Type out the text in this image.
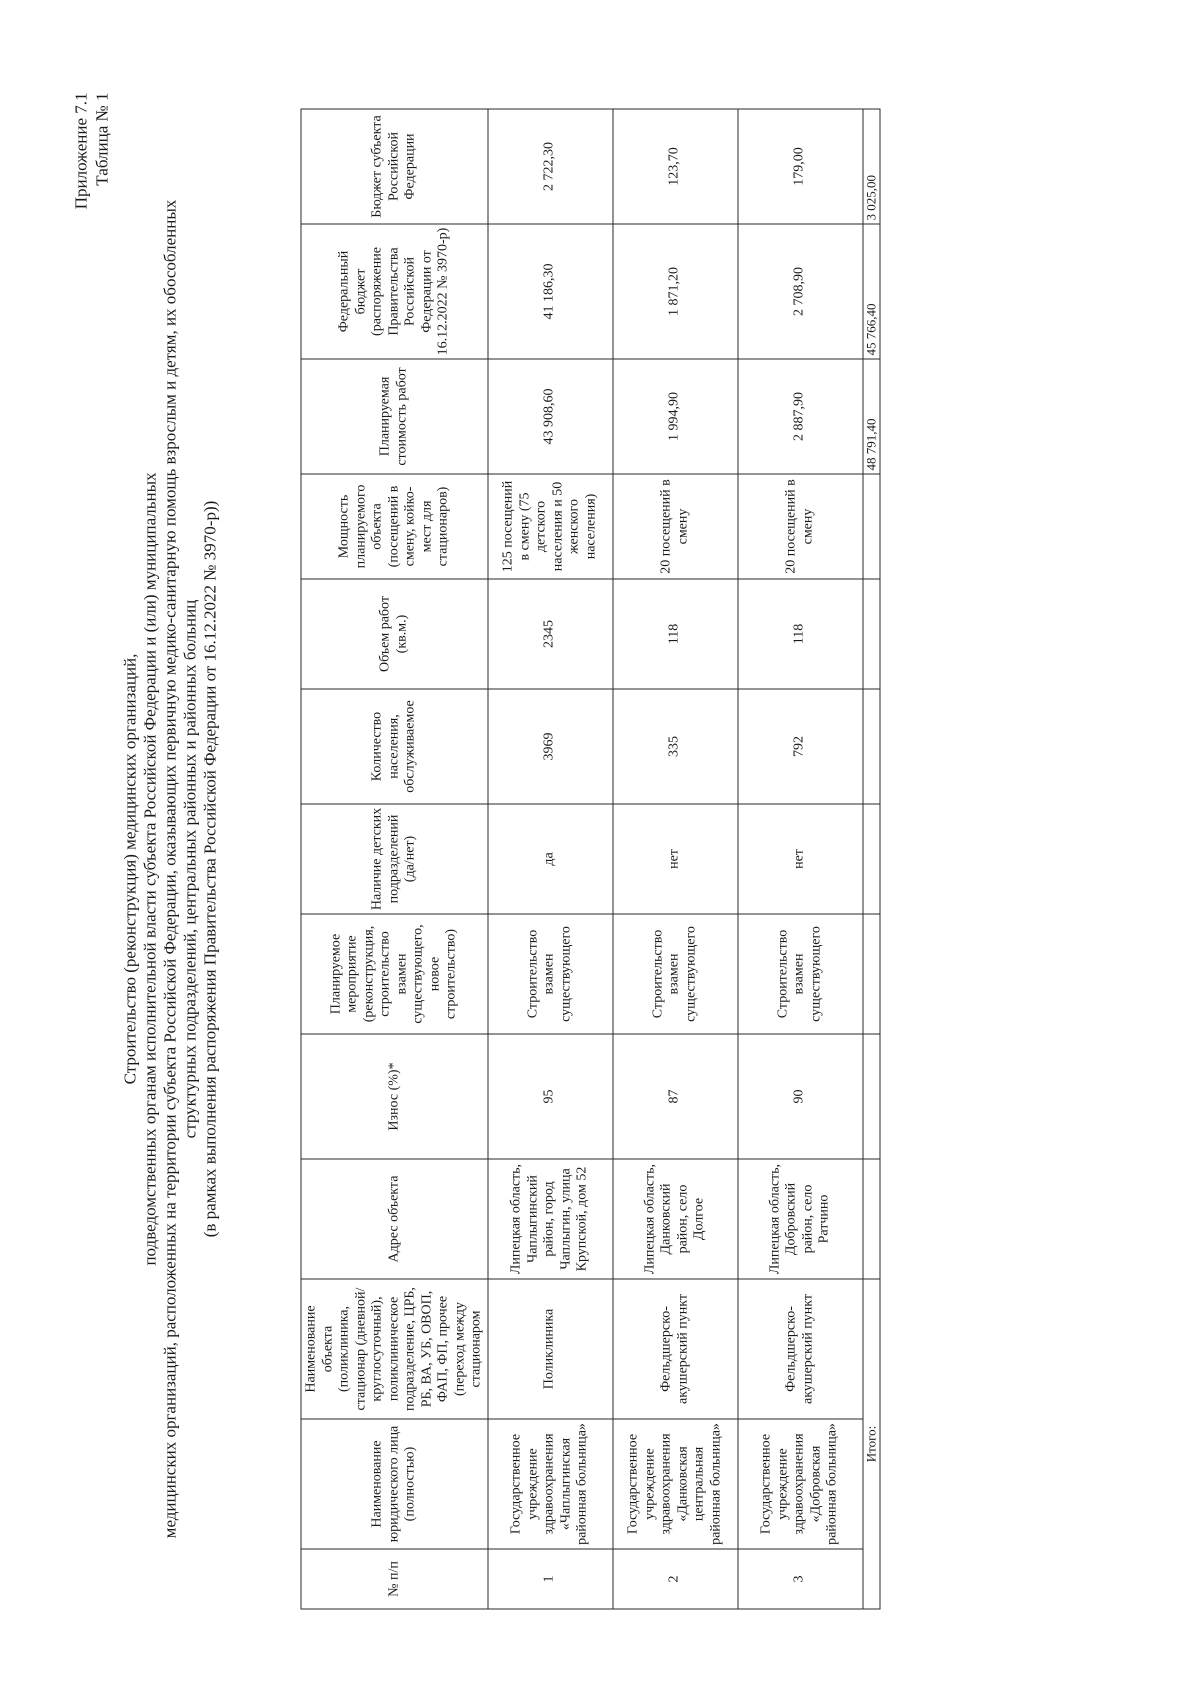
Приложение 7.1 Таблица № 1
Строительство (реконструкция) медицинских организаций, подведомственных органам исполнительной власти субъекта Российской Федерации и (или) муниципальных медицинских организаций, расположенных на территории субъекта Российской Федерации, оказывающих первичную медико-санитарную помощь взрослым и детям, их обособленных структурных подразделений, центральных районных и районных больниц (в рамках выполнения распоряжения Правительства Российской Федерации от 16.12.2022 № 3970-р))
№ п/п	Наименование юридического лица (полностью)	Наименование объекта (поликлиника, стационар (дневной/круглосуточный), поликлиническое подразделение, ЦРБ, РБ, ВА, УБ, ОВОП, ФАП, ФП, прочее (переход между стационаром	Адрес объекта	Износ (%)*	Планируемое мероприятие (реконструкция, строительство взамен существующего, новое строительство)	Наличие детских подразделений (да/нет)	Количество населения, обслуживаемое	Объем работ (кв.м.)	Мощность планируемого объекта (посещений в смену, койко-мест для стационаров)	Планируемая стоимость работ	Федеральный бюджет (распоряжение Правительства Российской Федерации от 16.12.2022 № 3970-р)	Бюджет субъекта Российской Федерации
1	Государственное учреждение здравоохранения «Чаплыгинская районная больница»	Поликлиника	Липецкая область, Чаплыгинский район, город Чаплыгин, улица Крупской, дом 52	95	Строительство взамен существующего	да	3969	2345	125 посещений в смену (75 детского населения и 50 женского населения)	43 908,60	41 186,30	2 722,30
2	Государственное учреждение здравоохранения «Данковская центральная районная больница»	Фельдшерско-акушерский пункт	Липецкая область, Данковский район, село Долгое	87	Строительство взамен существующего	нет	335	118	20 посещений в смену	1 994,90	1 871,20	123,70
3	Государственное учреждение здравоохранения «Добровская районная больница»	Фельдшерско-акушерский пункт	Липецкая область, Добровский район, село Ратчино	90	Строительство взамен существующего	нет	792	118	20 посещений в смену	2 887,90	2 708,90	179,00
Итого:										48 791,40	45 766,40	3 025,00
